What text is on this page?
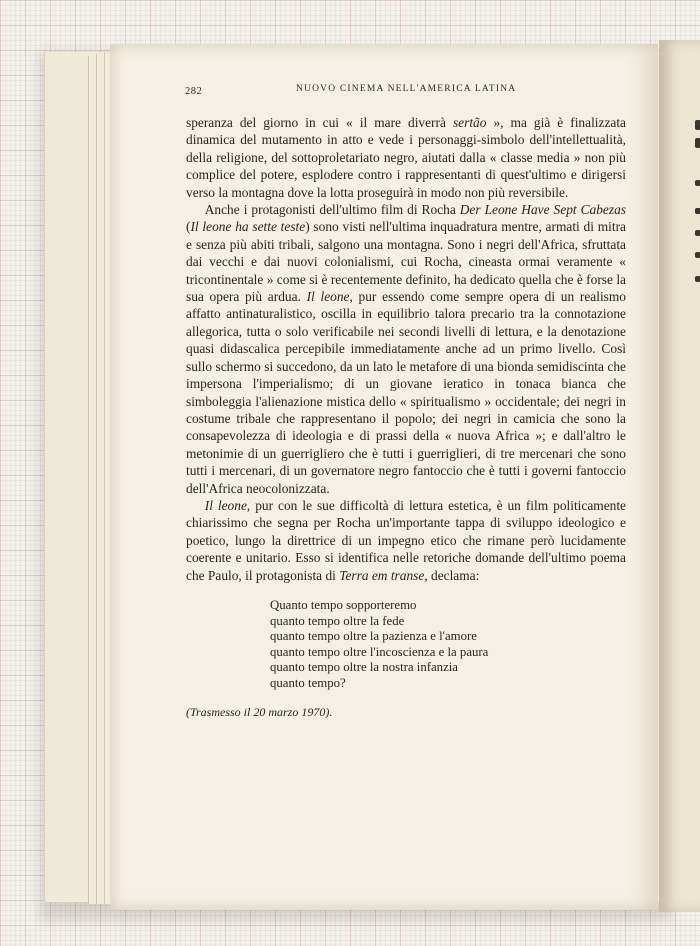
282	NUOVO CINEMA NELL'AMERICA LATINA

speranza del giorno in cui « il mare diverrà sertão », ma già è finalizzata dinamica del mutamento in atto e vede i personaggi-simbolo dell'intellettualità, della religione, del sottoproletariato negro, aiutati dalla « classe media » non più complice del potere, esplodere contro i rappresentanti di quest'ultimo e dirigersi verso la montagna dove la lotta proseguirà in modo non più reversibile.

Anche i protagonisti dell'ultimo film di Rocha Der Leone Have Sept Cabezas (Il leone ha sette teste) sono visti nell'ultima inquadratura mentre, armati di mitra e senza più abiti tribali, salgono una montagna. Sono i negri dell'Africa, sfruttata dai vecchi e dai nuovi colonialismi, cui Rocha, cineasta ormai veramente « tricontinentale » come si è recentemente definito, ha dedicato quella che è forse la sua opera più ardua. Il leone, pur essendo come sempre opera di un realismo affatto antinaturalistico, oscilla in equilibrio talora precario tra la connotazione allegorica, tutta o solo verificabile nei secondi livelli di lettura, e la denotazione quasi didascalica percepibile immediatamente anche ad un primo livello. Così sullo schermo si succedono, da un lato le metafore di una bionda semidiscinta che impersona l'imperialismo; di un giovane ieratico in tonaca bianca che simboleggia l'alienazione mistica dello « spiritualismo » occidentale; dei negri in costume tribale che rappresentano il popolo; dei negri in camicia che sono la consapevolezza di ideologia e di prassi della « nuova Africa »; e dall'altro le metonimie di un guerrigliero che è tutti i guerriglieri, di tre mercenari che sono tutti i mercenari, di un governatore negro fantoccio che è tutti i governi fantoccio dell'Africa neocolonizzata.

Il leone, pur con le sue difficoltà di lettura estetica, è un film politicamente chiarissimo che segna per Rocha un'importante tappa di sviluppo ideologico e poetico, lungo la direttrice di un impegno etico che rimane però lucidamente coerente e unitario. Esso si identifica nelle retoriche domande dell'ultimo poema che Paulo, il protagonista di Terra em transe, declama:

Quanto tempo sopporteremo
quanto tempo oltre la fede
quanto tempo oltre la pazienza e l'amore
quanto tempo oltre l'incoscienza e la paura
quanto tempo oltre la nostra infanzia
quanto tempo?
(Trasmesso il 20 marzo 1970).
